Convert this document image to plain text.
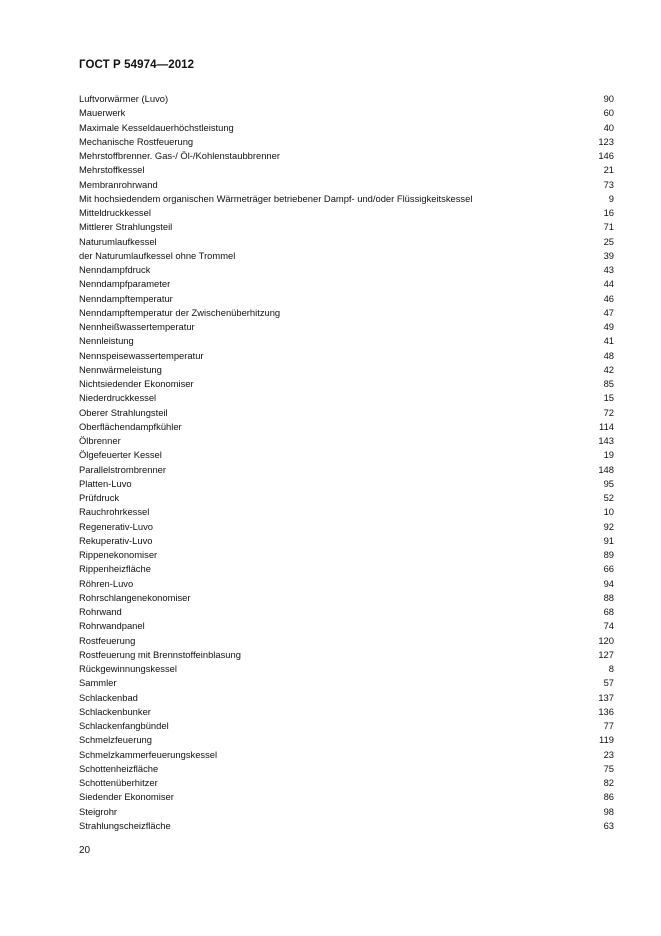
ГОСТ Р 54974—2012
Luftvorwärmer (Luvo)	90
Mauerwerk	60
Maximale Kesseldauerhöchstleistung	40
Mechanische Rostfeuerung	123
Mehrstoffbrenner. Gas-/ Öl-/Kohlenstaubbrenner	146
Mehrstoffkessel	21
Membranrohrwand	73
Mit hochsiedendem organischen Wärmeträger betriebener Dampf- und/oder Flüssigkeitskessel	9
Mitteldruckkessel	16
Mittlerer Strahlungsteil	71
Naturumlaufkessel	25
der Naturumlaufkessel ohne Trommel	39
Nenndampfdruck	43
Nenndampfparameter	44
Nenndampftemperatur	46
Nenndampftemperatur der Zwischenüberhitzung	47
Nennheißwassertemperatur	49
Nennleistung	41
Nennspeisewassertemperatur	48
Nennwärmeleistung	42
Nichtsiedender Ekonomiser	85
Niederdruckkessel	15
Oberer Strahlungsteil	72
Oberflächendampfkühler	114
Ölbrenner	143
Ölgefeuerter Kessel	19
Parallelstrombrenner	148
Platten-Luvo	95
Prüfdruck	52
Rauchrohrkessel	10
Regenerativ-Luvo	92
Rekuperativ-Luvo	91
Rippenekonomiser	89
Rippenheizfläche	66
Röhren-Luvo	94
Rohrschlangenekonomiser	88
Rohrwand	68
Rohrwandpanel	74
Rostfeuerung	120
Rostfeuerung mit Brennstoffeinblasung	127
Rückgewinnungskessel	8
Sammler	57
Schlackenbad	137
Schlackenbunker	136
Schlackenfangbündel	77
Schmelzfeuerung	119
Schmelzkammerfeuerungskessel	23
Schottenheizfläche	75
Schottenüberhitzer	82
Siedender Ekonomiser	86
Steigrohr	98
Strahlungscheizfläche	63
20
